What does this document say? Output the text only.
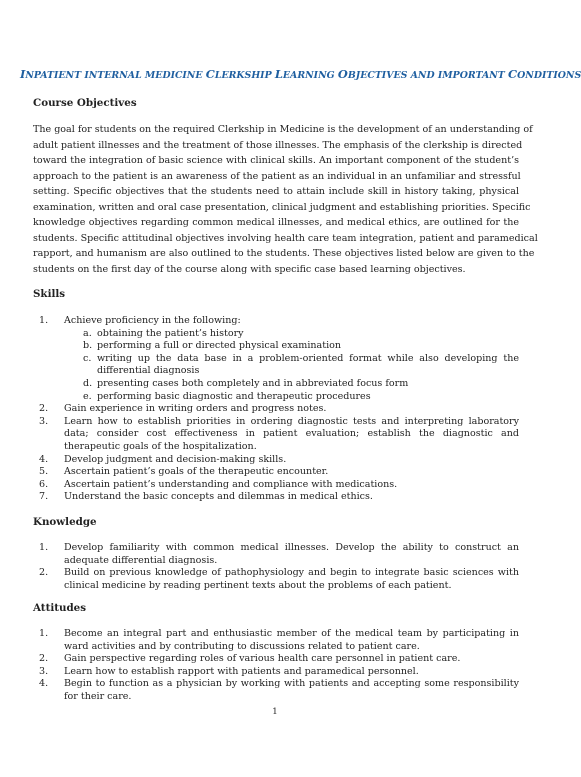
INPATIENT INTERNAL MEDICINE CLERKSHIP LEARNING OBJECTIVES AND IMPORTANT CONDITIONS
Course Objectives
The goal for students on the required Clerkship in Medicine is the development of an understanding of
adult patient illnesses and the treatment of those illnesses. The emphasis of the clerkship is directed
toward the integration of basic science with clinical skills. An important component of the student’s
approach to the patient is an awareness of the patient as an individual in an unfamiliar and stressful
setting. Specific objectives that the students need to attain include skill in history taking, physical
examination, written and oral case presentation, clinical judgment and establishing priorities. Specific
knowledge objectives regarding common medical illnesses, and medical ethics, are outlined for the
students. Specific attitudinal objectives involving health care team integration, patient and paramedical
rapport, and humanism are also outlined to the students. These objectives listed below are given to the
students on the first day of the course along with specific case based learning objectives.
Skills
1. Achieve proficiency in the following:
a. obtaining the patient’s history
b. performing a full or directed physical examination
c. writing up the data base in a problem-oriented format while also developing the differential diagnosis
d. presenting cases both completely and in abbreviated focus form
e. performing basic diagnostic and therapeutic procedures
2. Gain experience in writing orders and progress notes.
3. Learn how to establish priorities in ordering diagnostic tests and interpreting laboratory data; consider cost effectiveness in patient evaluation; establish the diagnostic and therapeutic goals of the hospitalization.
4. Develop judgment and decision-making skills.
5. Ascertain patient’s goals of the therapeutic encounter.
6. Ascertain patient’s understanding and compliance with medications.
7. Understand the basic concepts and dilemmas in medical ethics.
Knowledge
1. Develop familiarity with common medical illnesses. Develop the ability to construct an adequate differential diagnosis.
2. Build on previous knowledge of pathophysiology and begin to integrate basic sciences with clinical medicine by reading pertinent texts about the problems of each patient.
Attitudes
1. Become an integral part and enthusiastic member of the medical team by participating in ward activities and by contributing to discussions related to patient care.
2. Gain perspective regarding roles of various health care personnel in patient care.
3. Learn how to establish rapport with patients and paramedical personnel.
4. Begin to function as a physician by working with patients and accepting some responsibility for their care.
1
